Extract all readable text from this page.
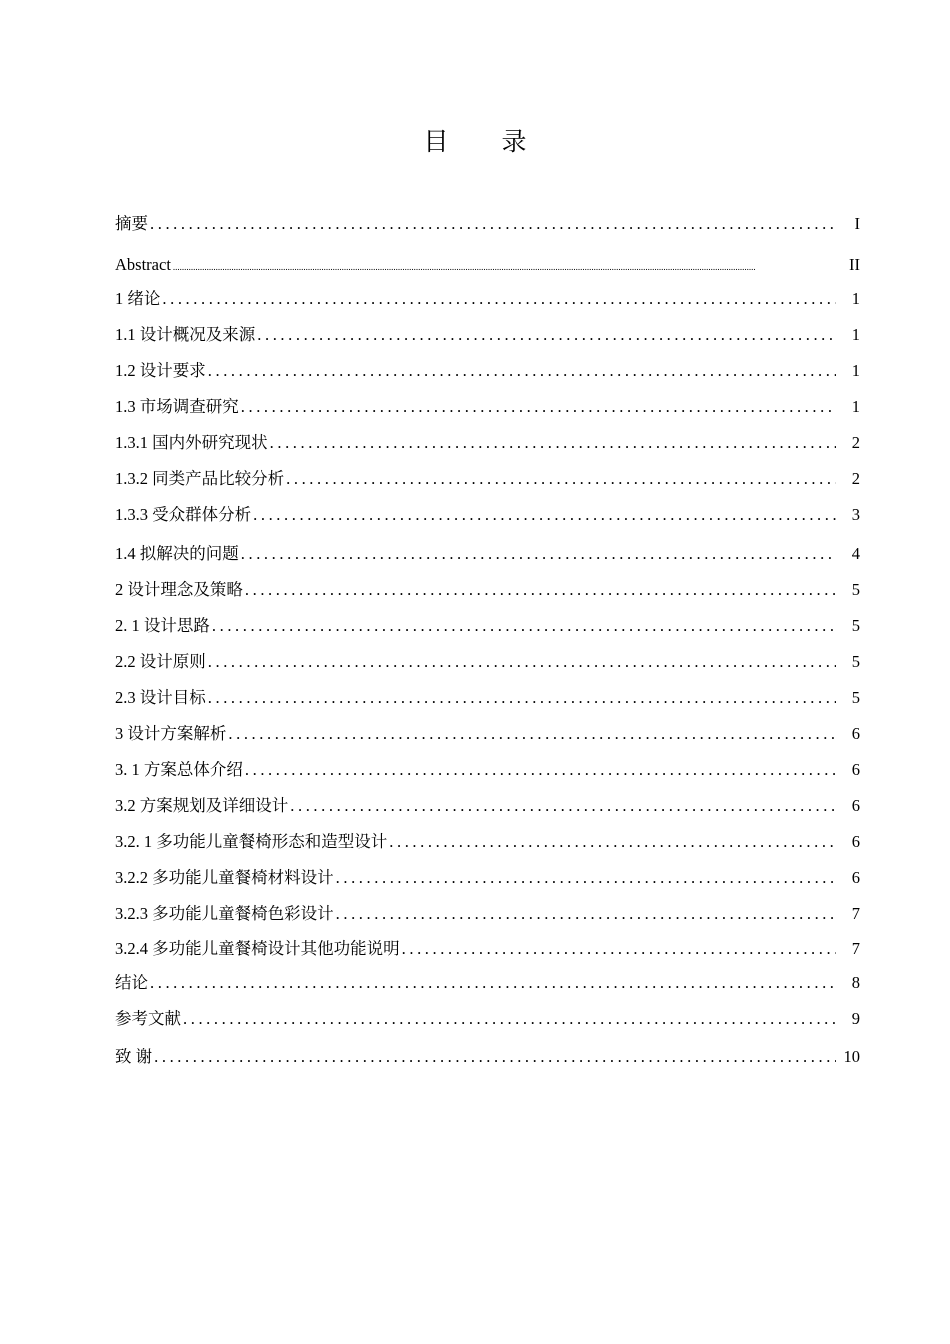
目 录
摘要 .....	I
Abstract .....	II
1 绪论 .....	1
1.1 设计概况及来源 .....	1
1.2 设计要求 .....	1
1.3 市场调查研究 .....	1
1.3.1 国内外研究现状 .....	2
1.3.2 同类产品比较分析 .....	2
1.3.3 受众群体分析 .....	3
1.4 拟解决的问题 .....	4
2 设计理念及策略 .....	5
2. 1 设计思路 .....	5
2.2 设计原则 .....	5
2.3 设计目标 .....	5
3 设计方案解析 .....	6
3. 1 方案总体介绍 .....	6
3.2 方案规划及详细设计 .....	6
3.2. 1 多功能儿童餐椅形态和造型设计 .....	6
3.2.2 多功能儿童餐椅材料设计 .....	6
3.2.3 多功能儿童餐椅色彩设计 .....	7
3.2.4 多功能儿童餐椅设计其他功能说明 .....	7
结论 .....	8
参考文献 .....	9
致 谢 .....	10
